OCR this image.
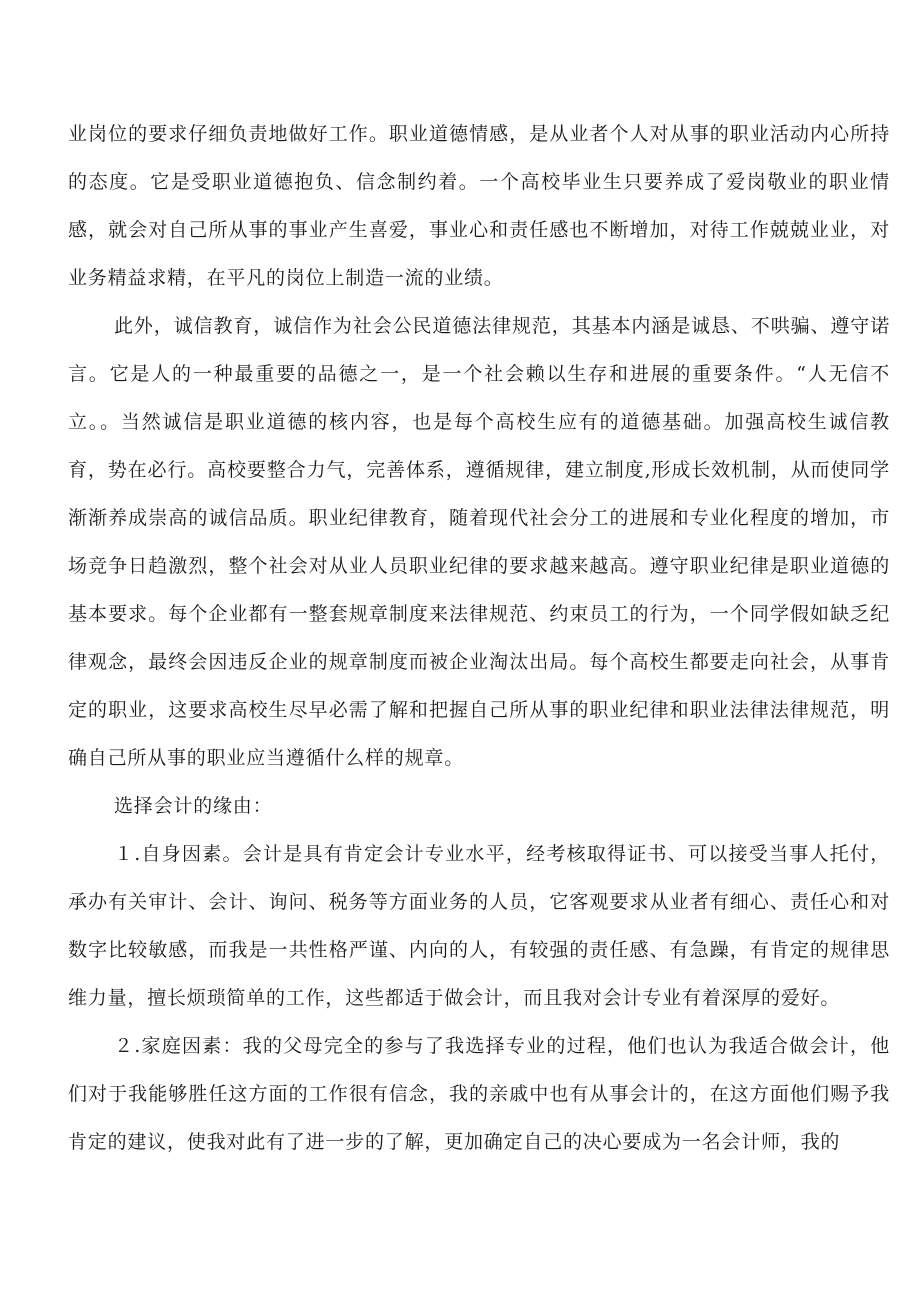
业岗位的要求仔细负责地做好工作。职业道德情感，是从业者个人对从事的职业活动内心所持的态度。它是受职业道德抱负、信念制约着。一个高校毕业生只要养成了爱岗敬业的职业情感，就会对自己所从事的事业产生喜爱，事业心和责任感也不断增加，对待工作兢兢业业，对业务精益求精，在平凡的岗位上制造一流的业绩。

此外，诚信教育，诚信作为社会公民道德法律规范，其基本内涵是诚恳、不哄骗、遵守诺言。它是人的一种最重要的品德之一，是一个社会赖以生存和进展的重要条件。“人无信不立。。当然诚信是职业道德的核内容，也是每个高校生应有的道德基础。加强高校生诚信教育，势在必行。高校要整合力气，完善体系，遵循规律，建立制度,形成长效机制，从而使同学渐渐养成崇高的诚信品质。职业纪律教育，随着现代社会分工的进展和专业化程度的增加，市场竞争日趋激烈，整个社会对从业人员职业纪律的要求越来越高。遵守职业纪律是职业道德的基本要求。每个企业都有一整套规章制度来法律规范、约束员工的行为，一个同学假如缺乏纪律观念，最终会因违反企业的规章制度而被企业淘汰出局。每个高校生都要走向社会，从事肯定的职业，这要求高校生尽早必需了解和把握自己所从事的职业纪律和职业法律法律规范，明确自己所从事的职业应当遵循什么样的规章。

选择会计的缘由：

１.自身因素。会计是具有肯定会计专业水平，经考核取得证书、可以接受当事人托付，承办有关审计、会计、询问、税务等方面业务的人员，它客观要求从业者有细心、责任心和对数字比较敏感，而我是一共性格严谨、内向的人，有较强的责任感、有急躁，有肯定的规律思维力量，擅长烦琐简单的工作，这些都适于做会计，而且我对会计专业有着深厚的爱好。

２.家庭因素：我的父母完全的参与了我选择专业的过程，他们也认为我适合做会计，他们对于我能够胜任这方面的工作很有信念，我的亲戚中也有从事会计的，在这方面他们赐予我肯定的建议，使我对此有了进一步的了解，更加确定自己的决心要成为一名会计师，我的
